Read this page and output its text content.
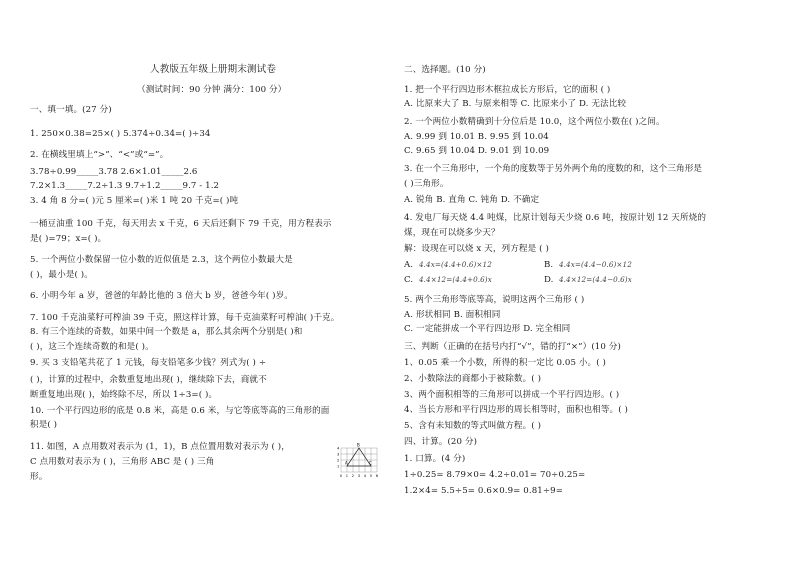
人教版五年级上册期末测试卷
（测试时间：90 分钟 满分：100 分）
一、填一填。(27 分)
1. 250×0.38=25×( ) 5.374÷0.34=( )÷34
2. 在横线里填上“>”、“<”或“=”。
3.78÷0.99_____3.78 2.6×1.01_____2.6
7.2×1.3_____7.2÷1.3 9.7÷1.2_____9.7 - 1.2
3. 4 角 8 分=( )元 5 厘米=( )米 1 吨 20 千克=( )吨
一桶豆油重 100 千克，每天用去 x 千克，6 天后还剩下 79 千克，用方程表示
是( )=79；x=( )。
5. 一个两位小数保留一位小数的近似值是 2.3，这个两位小数最大是
( )，最小是( )。
6. 小明今年 a 岁，爸爸的年龄比他的 3 倍大 b 岁，爸爸今年( )岁。
7. 100 千克油菜籽可榨油 39 千克，照这样计算，每千克油菜籽可榨油( )千克。
8. 有三个连续的奇数，如果中间一个数是 a，那么其余两个分别是( )和
( )，这三个连续奇数的和是( )。
9. 买 3 支铅笔共花了 1 元钱，每支铅笔多少钱？列式为( ) ÷
( )，计算的过程中，余数重复地出现( )，继续除下去，商就不
断重复地出现( )，始终除不尽，所以 1÷3=( )。
10. 一个平行四边形的底是 0.8 米，高是 0.6 米，与它等底等高的三角形的面
积是( )
11. 如图，A 点用数对表示为 (1，1)，B 点位置用数对表示为 ( )，
C 点用数对表示为 ( )，三角形 ABC 是 ( ) 三角
形。
A
B
C
0 1 2 3 4 5 6
1
2
3
4
二、选择题。(10 分)
1. 把一个平行四边形木框拉成长方形后，它的面积 ( )
A. 比原来大了 B. 与原来相等 C. 比原来小了 D. 无法比较
2. 一个两位小数精确到十分位后是 10.0，这个两位小数在( )之间。
A. 9.99 到 10.01 B. 9.95 到 10.04
C. 9.65 到 10.04 D. 9.01 到 10.09
3. 在一个三角形中，一个角的度数等于另外两个角的度数的和，这个三角形是
( )三角形。
A. 锐角 B. 直角 C. 钝角 D. 不确定
4. 发电厂每天烧 4.4 吨煤，比原计划每天少烧 0.6 吨，按原计划 12 天所烧的
煤，现在可以烧多少天？
解：设现在可以烧 x 天，列方程是 ( )
A. 4.4x=(4.4+0.6)×12	B. 4.4x=(4.4−0.6)×12
C. 4.4×12=(4.4+0.6)x	D. 4.4×12=(4.4−0.6)x
5. 两个三角形等底等高，说明这两个三角形 ( )
A. 形状相同 B. 面积相同
C. 一定能拼成一个平行四边形 D. 完全相同
三、判断（正确的在括号内打“√”，错的打“×”）(10 分)
1、0.05 乘一个小数，所得的积一定比 0.05 小。( )
2、小数除法的商都小于被除数。( )
3、两个面积相等的三角形可以拼成一个平行四边形。( )
4、当长方形和平行四边形的周长相等时，面积也相等。( )
5、含有未知数的等式叫做方程。( )
四、计算。(20 分)
1. 口算。(4 分)
1÷0.25= 8.79×0= 4.2÷0.01= 70÷0.25=
1.2×4= 5.5÷5= 0.6×0.9= 0.81÷9=
